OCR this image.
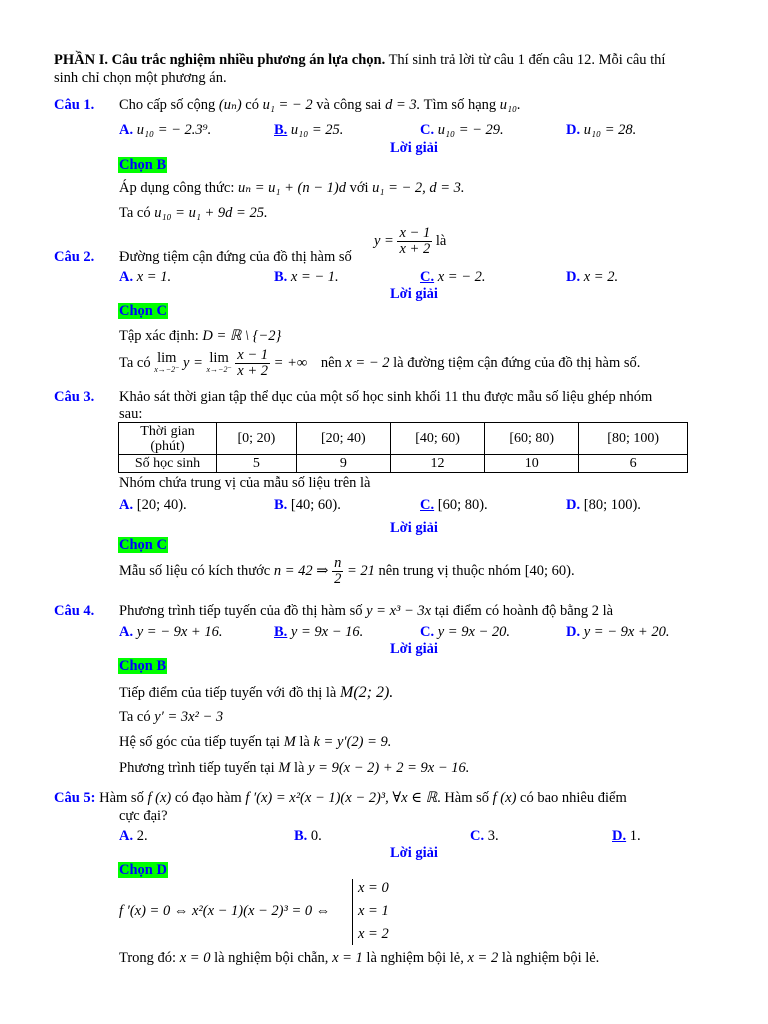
PHẦN I. Câu trắc nghiệm nhiều phương án lựa chọn. Thí sinh trả lời từ câu 1 đến câu 12. Mỗi câu thí
sinh chỉ chọn một phương án.
Câu 1. Cho cấp số cộng (uₙ) có u₁ = − 2 và công sai d = 3. Tìm số hạng u₁₀.
A. u₁₀ = − 2.3⁹.	B. u₁₀ = 25.	C. u₁₀ = − 29.	D. u₁₀ = 28.
Lời giải
Chọn B
Áp dụng công thức: uₙ = u₁ + (n − 1)d với u₁ = − 2, d = 3.
Ta có u₁₀ = u₁ + 9d = 25.
Câu 2. Đường tiệm cận đứng của đồ thị hàm số
$y = \frac{x - 1}{x + 2}$ là
A. x = 1.	B. x = − 1.	C. x = − 2.	D. x = 2.
Lời giải
Chọn C
Tập xác định: D = ℝ \ {−2}
Ta có lim
x→−2⁻ y = lim
x→−2⁻
$\frac{x - 1}{x + 2}$ = +∞ nên x = − 2 là đường tiệm cận đứng của đồ thị hàm số.
Câu 3. Khảo sát thời gian tập thể dục của một số học sinh khối 11 thu được mẫu số liệu ghép nhóm
sau:
Thời gian
(phút)	[0; 20)	[20; 40)	[40; 60)	[60; 80)	[80; 100)
Số học sinh	5	9	12	10	6
Nhóm chứa trung vị của mẫu số liệu trên là
A. [20; 40).	B. [40; 60).	C. [60; 80).	D. [80; 100).
Lời giải
Chọn C
Mẫu số liệu có kích thước n = 42 ⇒ $\frac{n}{2} = 21$ nên trung vị thuộc nhóm [40; 60).
Câu 4. Phương trình tiếp tuyến của đồ thị hàm số y = x³ − 3x tại điểm có hoành độ bằng 2 là
A. y = − 9x + 16.	B. y = 9x − 16.	C. y = 9x − 20.	D. y = − 9x + 20.
Lời giải
Chọn B
Tiếp điểm của tiếp tuyến với đồ thị là M(2; 2).
Ta có y′ = 3x² − 3
Hệ số góc của tiếp tuyến tại M là k = y′(2) = 9.
Phương trình tiếp tuyến tại M là y = 9(x − 2) + 2 = 9x − 16.
Câu 5: Hàm số f (x) có đạo hàm f ′(x) = x²(x − 1)(x − 2)³, ∀x ∈ ℝ. Hàm số f (x) có bao nhiêu điểm
cực đại?
A. 2.	B. 0.	C. 3.	D. 1.
Lời giải
Chọn D
f ′(x) = 0 ⇔ x²(x − 1)(x − 2)³ = 0 ⇔
x = 0
x = 1
x = 2
Trong đó: x = 0 là nghiệm bội chẵn, x = 1 là nghiệm bội lẻ, x = 2 là nghiệm bội lẻ.
